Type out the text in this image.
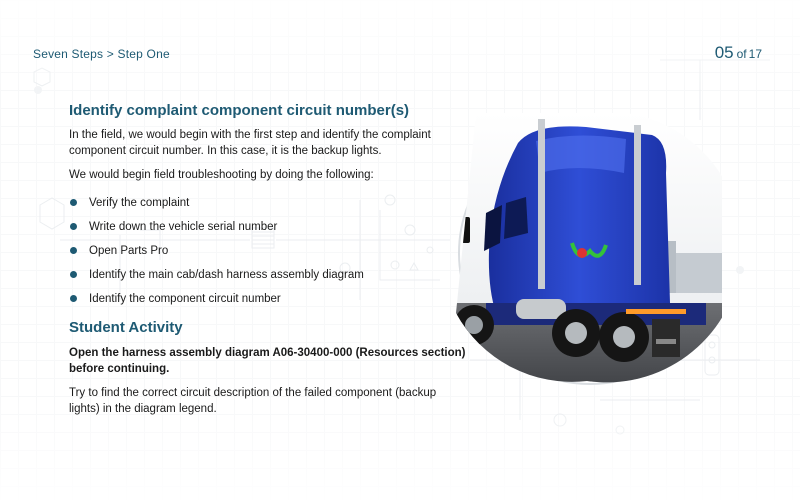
Seven Steps > Step One	05 of 17
Identify complaint component circuit number(s)

In the field, we would begin with the first step and identify the complaint component circuit number. In this case, it is the backup lights.

We would begin field troubleshooting by doing the following:

Verify the complaint
Write down the vehicle serial number
Open Parts Pro
Identify the main cab/dash harness assembly diagram
Identify the component circuit number
Student Activity

Open the harness assembly diagram A06-30400-000 (Resources section) before continuing.

Try to find the correct circuit description of the failed component (backup lights) in the diagram legend.
